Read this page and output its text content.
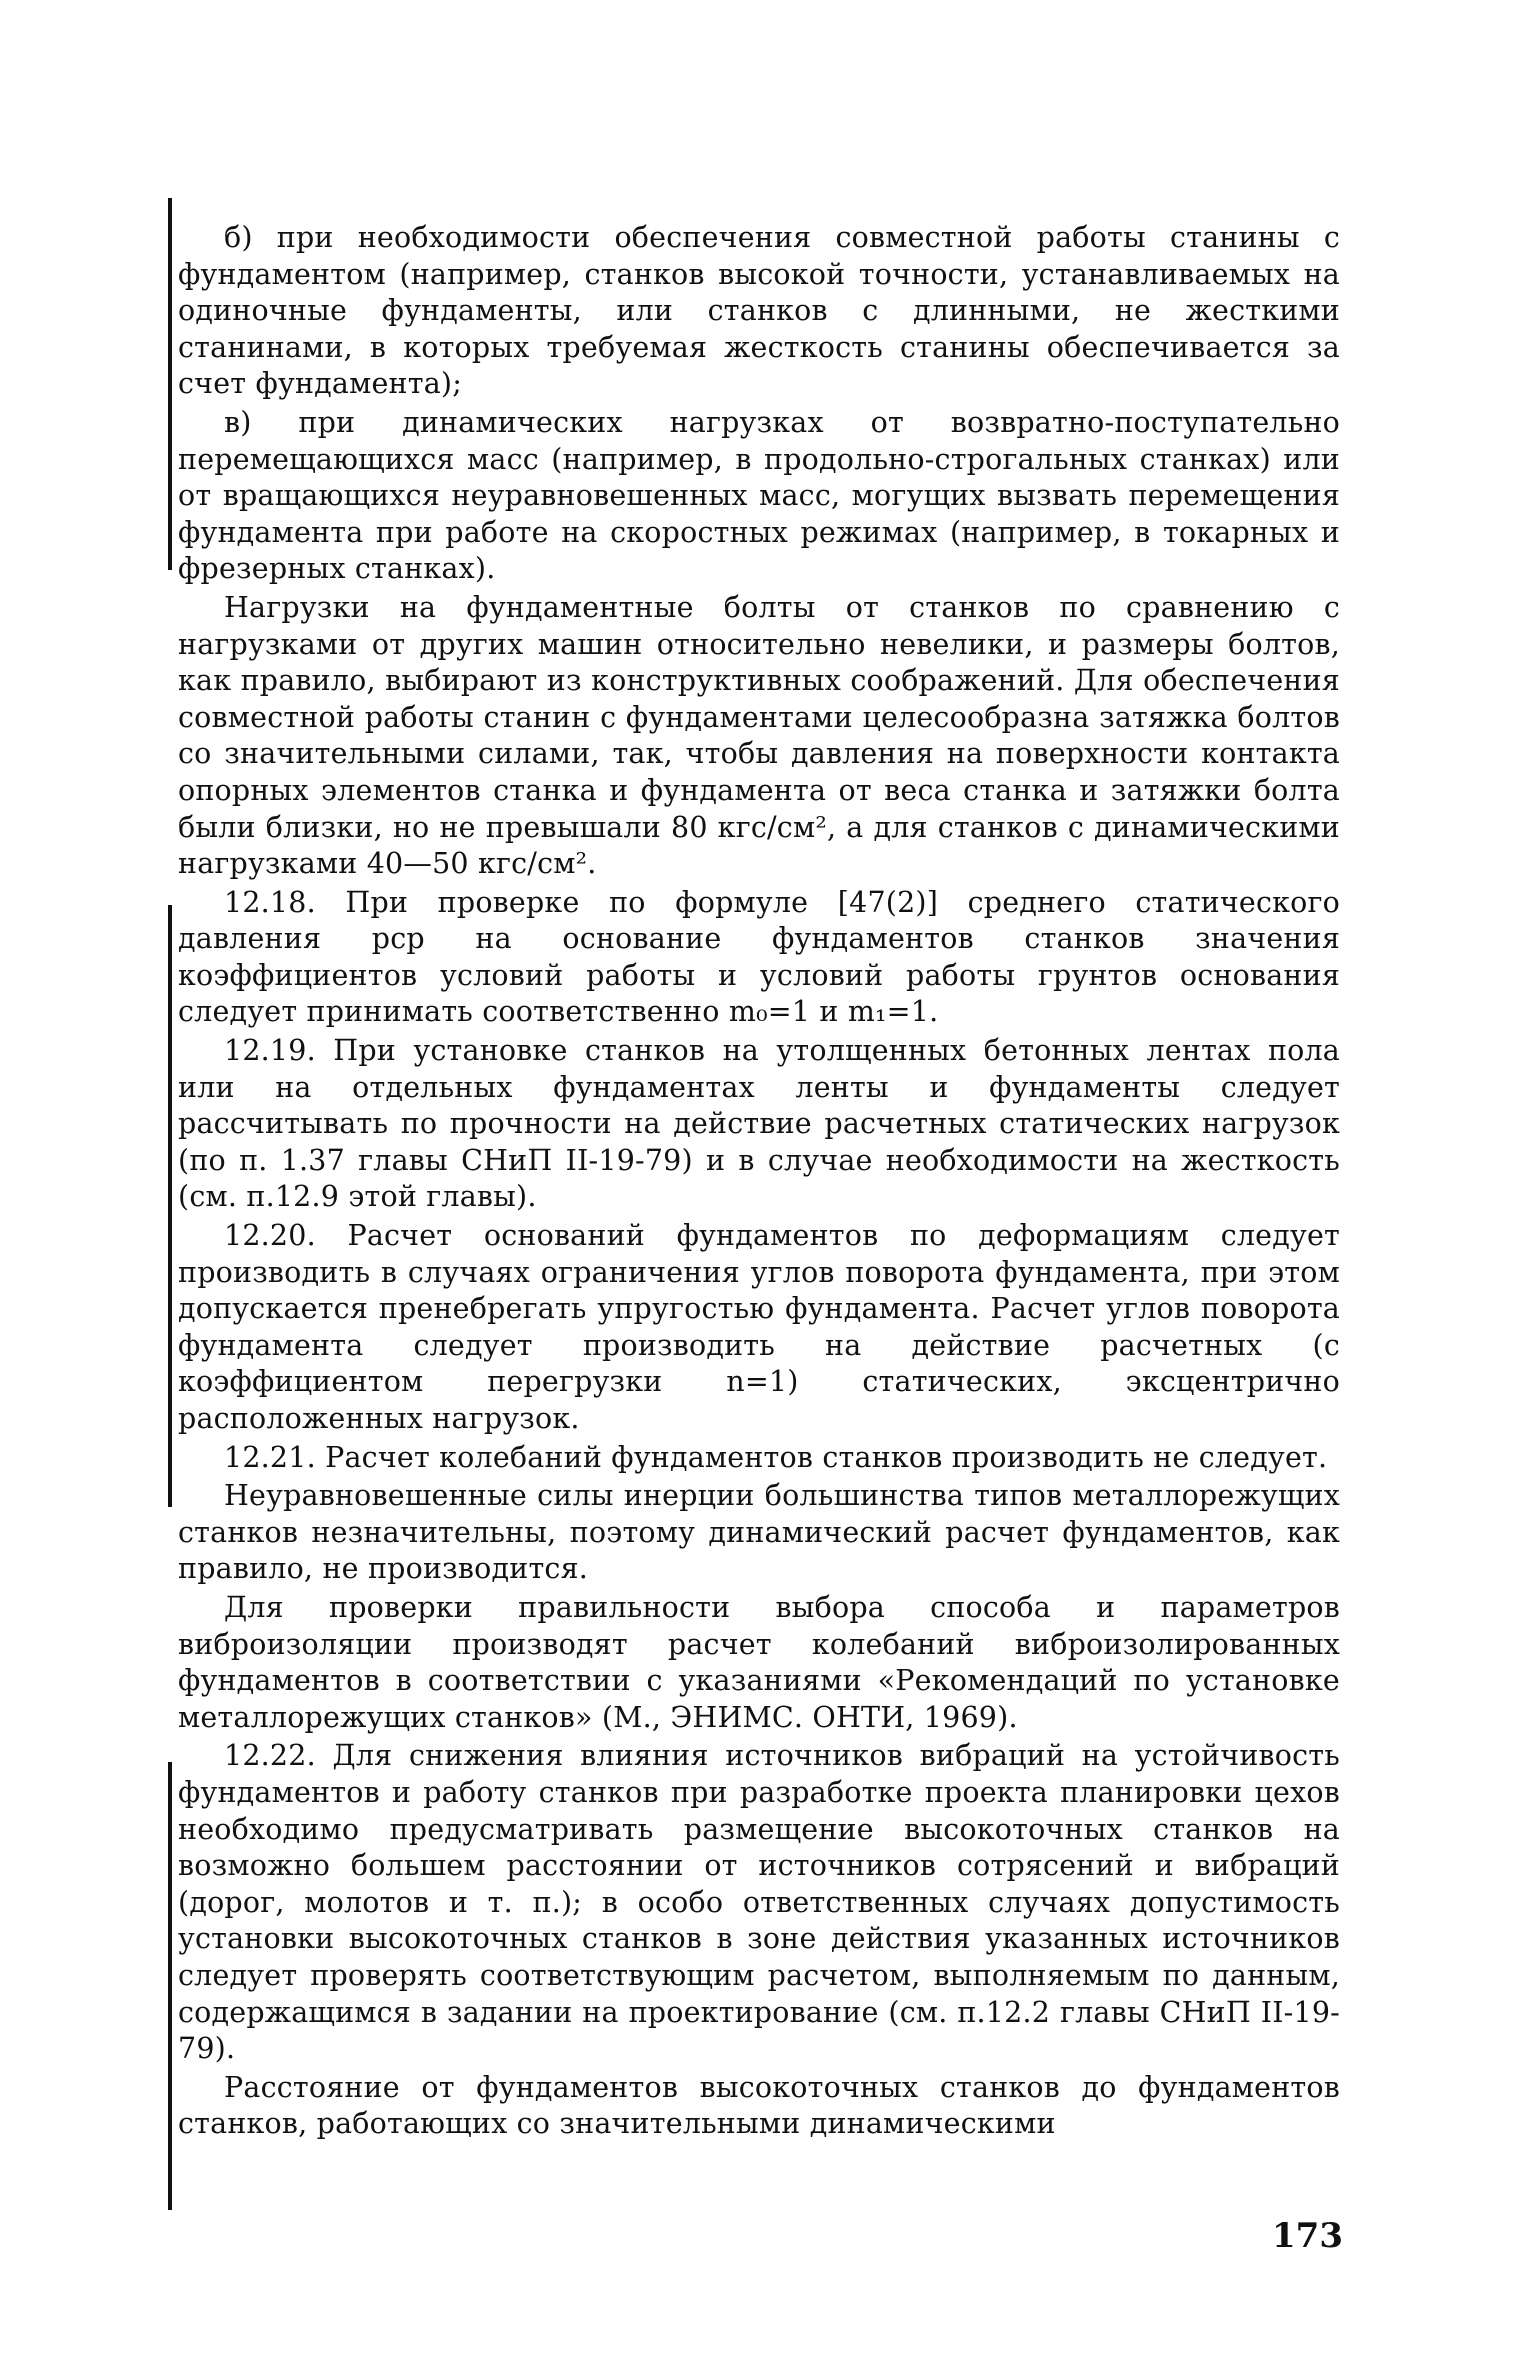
б) при необходимости обеспечения совместной работы станины с фундаментом (например, станков высокой точности, устанавливаемых на одиночные фундаменты, или станков с длинными, не жесткими станинами, в которых требуемая жесткость станины обеспечивается за счет фундамента);

в) при динамических нагрузках от возвратно-поступательно перемещающихся масс (например, в продольно-строгальных станках) или от вращающихся неуравновешенных масс, могущих вызвать перемещения фундамента при работе на скоростных режимах (например, в токарных и фрезерных станках).

Нагрузки на фундаментные болты от станков по сравнению с нагрузками от других машин относительно невелики, и размеры болтов, как правило, выбирают из конструктивных соображений. Для обеспечения совместной работы станин с фундаментами целесообразна затяжка болтов со значительными силами, так, чтобы давления на поверхности контакта опорных элементов станка и фундамента от веса станка и затяжки болта были близки, но не превышали 80 кгс/см², а для станков с динамическими нагрузками 40—50 кгс/см².

12.18. При проверке по формуле [47(2)] среднего статического давления pср на основание фундаментов станков значения коэффициентов условий работы и условий работы грунтов основания следует принимать соответственно m₀=1 и m₁=1.

12.19. При установке станков на утолщенных бетонных лентах пола или на отдельных фундаментах ленты и фундаменты следует рассчитывать по прочности на действие расчетных статических нагрузок (по п. 1.37 главы СНиП II-19-79) и в случае необходимости на жесткость (см. п.12.9 этой главы).

12.20. Расчет оснований фундаментов по деформациям следует производить в случаях ограничения углов поворота фундамента, при этом допускается пренебрегать упругостью фундамента. Расчет углов поворота фундамента следует производить на действие расчетных (с коэффициентом перегрузки n=1) статических, эксцентрично расположенных нагрузок.

12.21. Расчет колебаний фундаментов станков производить не следует.

Неуравновешенные силы инерции большинства типов металлорежущих станков незначительны, поэтому динамический расчет фундаментов, как правило, не производится.

Для проверки правильности выбора способа и параметров виброизоляции производят расчет колебаний виброизолированных фундаментов в соответствии с указаниями «Рекомендаций по установке металлорежущих станков» (М., ЭНИМС. ОНТИ, 1969).

12.22. Для снижения влияния источников вибраций на устойчивость фундаментов и работу станков при разработке проекта планировки цехов необходимо предусматривать размещение высокоточных станков на возможно большем расстоянии от источников сотрясений и вибраций (дорог, молотов и т. п.); в особо ответственных случаях допустимость установки высокоточных станков в зоне действия указанных источников следует проверять соответствующим расчетом, выполняемым по данным, содержащимся в задании на проектирование (см. п.12.2 главы СНиП II-19-79).

Расстояние от фундаментов высокоточных станков до фундаментов станков, работающих со значительными динамическими

173
